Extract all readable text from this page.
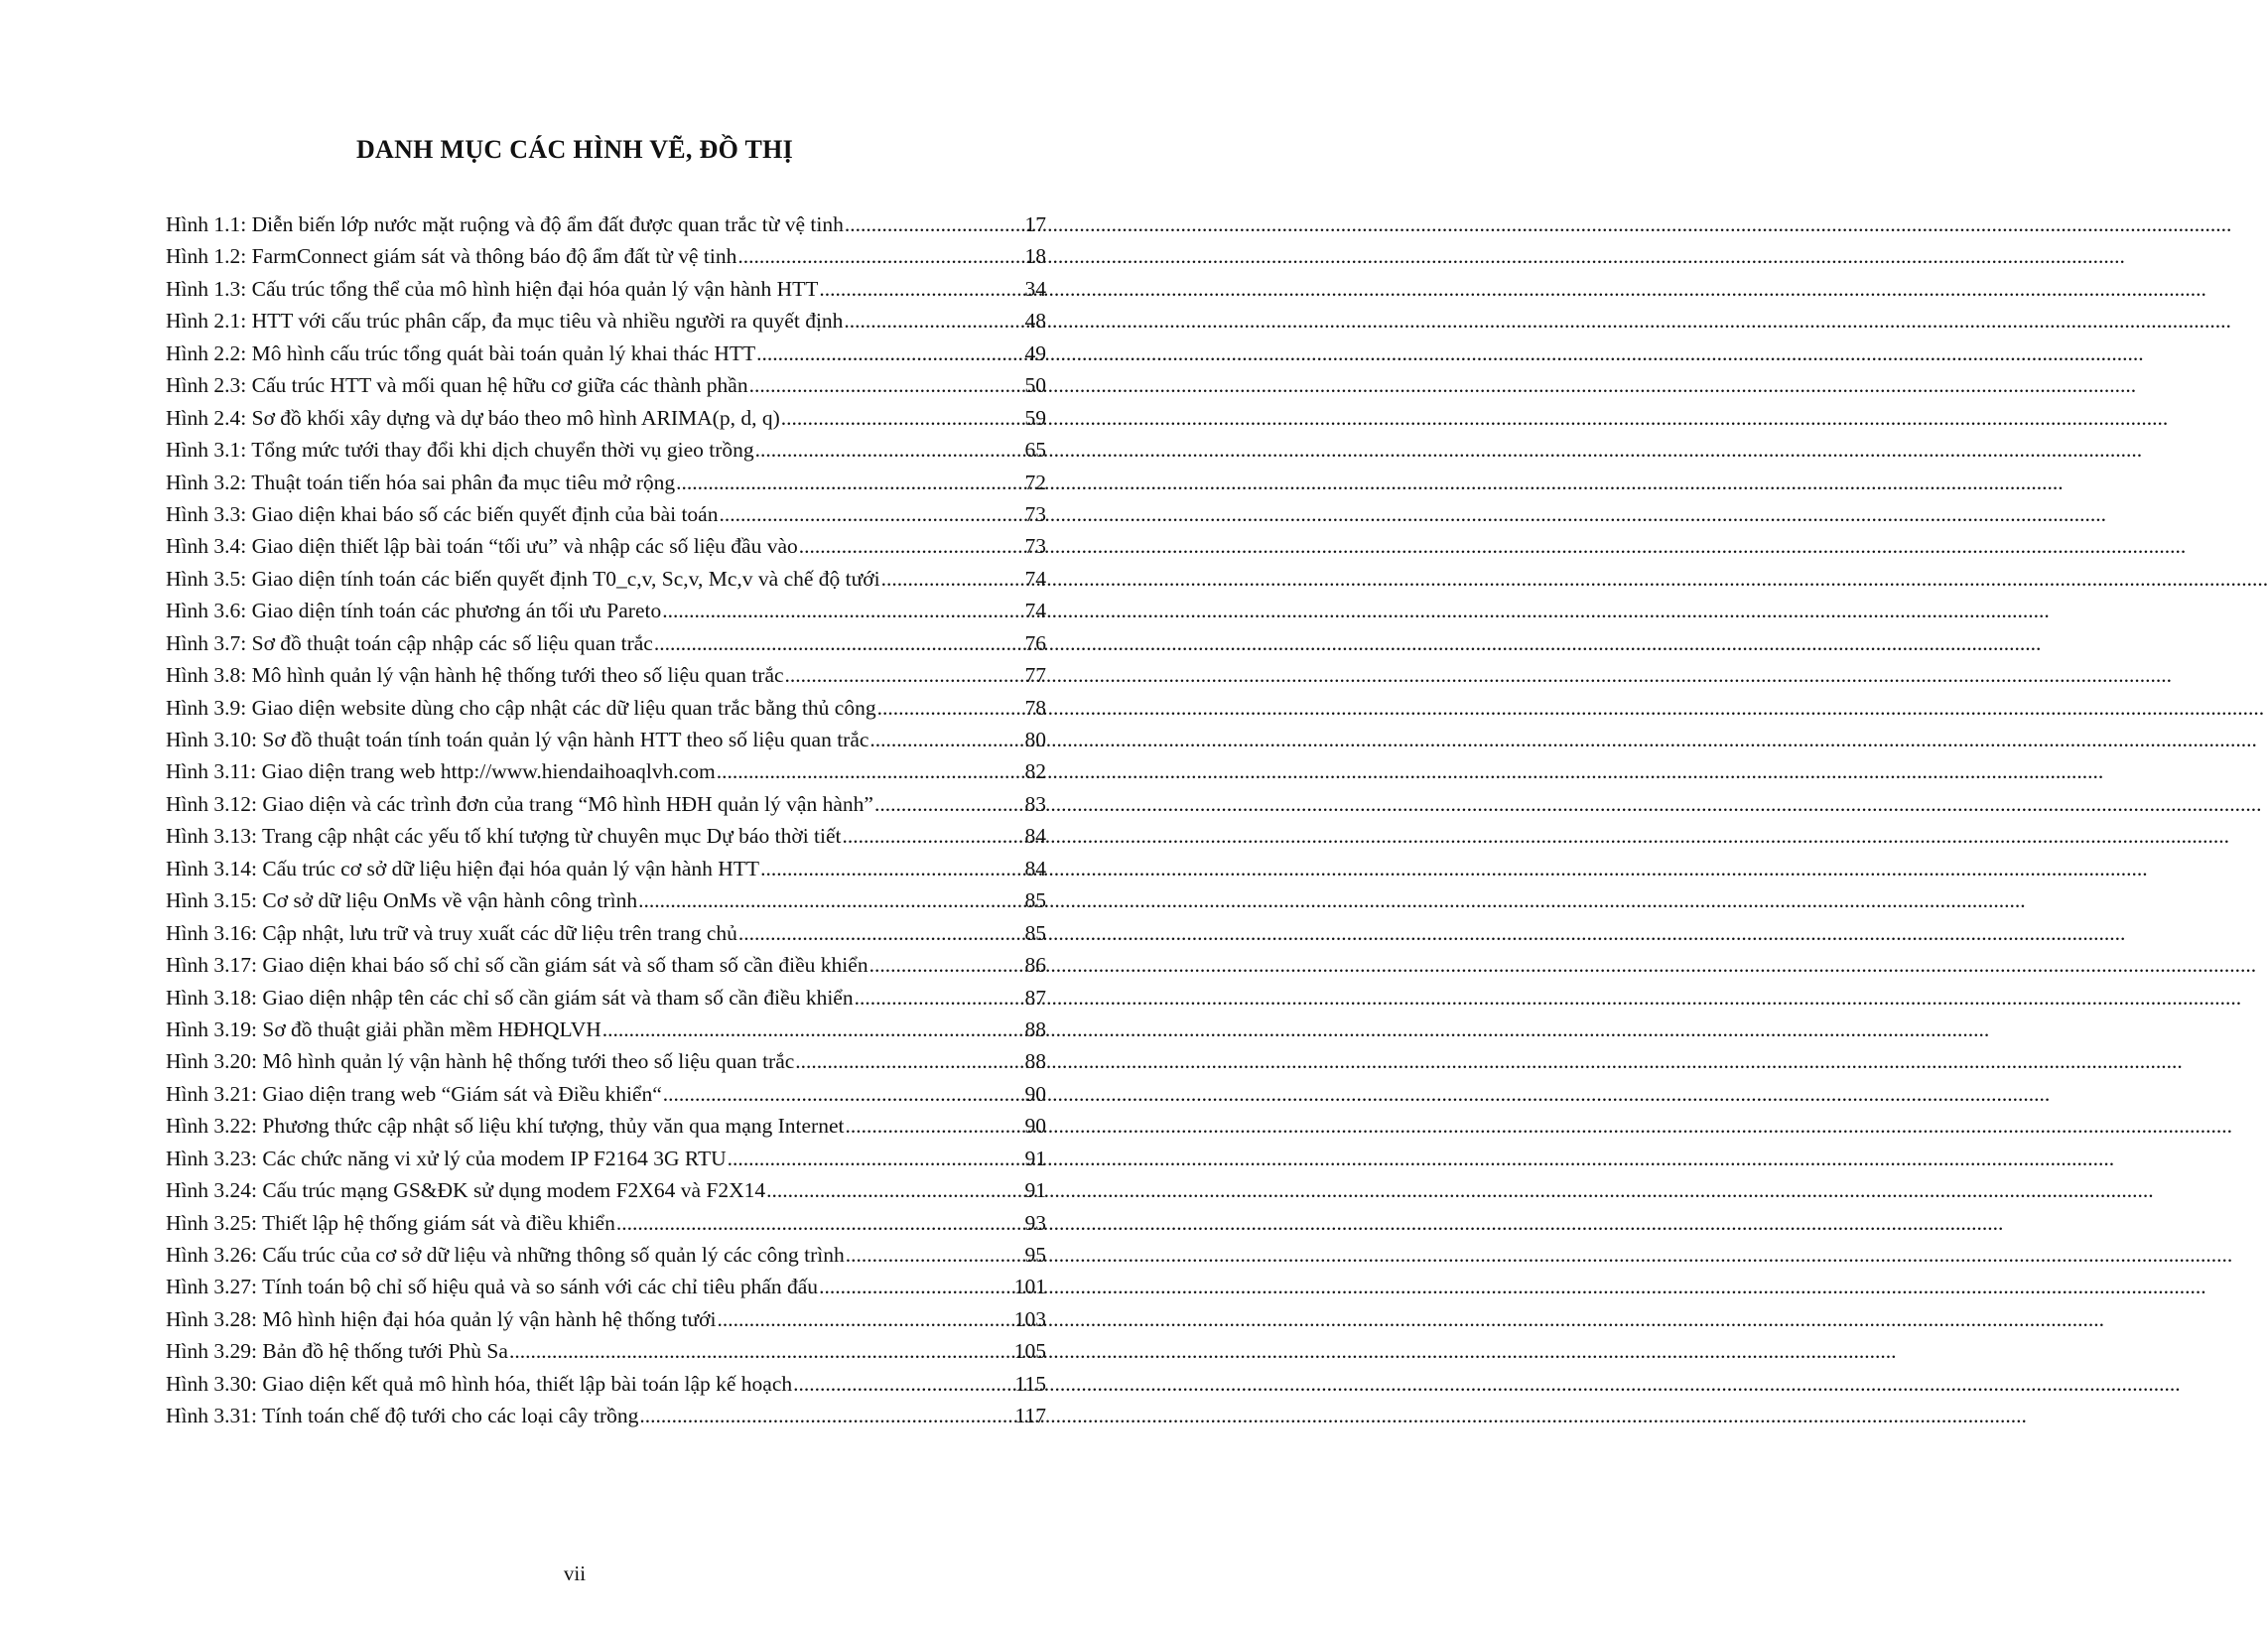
DANH MỤC CÁC HÌNH VẼ, ĐỒ THỊ
Hình 1.1: Diễn biến lớp nước mặt ruộng và độ ẩm đất được quan trắc từ vệ tinh .....	17
Hình 1.2: FarmConnect giám sát và thông báo độ ẩm đất từ vệ tinh .....	18
Hình 1.3: Cấu trúc tổng thể của mô hình hiện đại hóa quản lý vận hành HTT .....	34
Hình 2.1: HTT với cấu trúc phân cấp, đa mục tiêu và nhiều người ra quyết định .....	48
Hình 2.2: Mô hình cấu trúc tổng quát bài toán quản lý khai thác HTT .....	49
Hình 2.3: Cấu trúc HTT và mối quan hệ hữu cơ giữa các thành phần .....	50
Hình 2.4: Sơ đồ khối xây dựng và dự báo theo mô hình ARIMA(p, d, q) .....	59
Hình 3.1: Tổng mức tưới thay đổi khi dịch chuyển thời vụ gieo trồng .....	65
Hình 3.2: Thuật toán tiến hóa sai phân đa mục tiêu mở rộng .....	72
Hình 3.3: Giao diện khai báo số các biến quyết định của bài toán .....	73
Hình 3.4: Giao diện thiết lập bài toán “tối ưu” và nhập các số liệu đầu vào .....	73
Hình 3.5: Giao diện tính toán các biến quyết định T0_c,v, Sc,v, Mc,v và chế độ tưới .....	74
Hình 3.6: Giao diện tính toán các phương án tối ưu Pareto .....	74
Hình 3.7: Sơ đồ thuật toán cập nhập các số liệu quan trắc .....	76
Hình 3.8: Mô hình quản lý vận hành hệ thống tưới theo số liệu quan trắc .....	77
Hình 3.9: Giao diện website dùng cho cập nhật các dữ liệu quan trắc bằng thủ công .....	78
Hình 3.10: Sơ đồ thuật toán tính toán quản lý vận hành HTT theo số liệu quan trắc .....	80
Hình 3.11: Giao diện trang web http://www.hiendaihoaqlvh.com .....	82
Hình 3.12: Giao diện và các trình đơn của trang “Mô hình HĐH quản lý vận hành” .....	83
Hình 3.13: Trang cập nhật các yếu tố khí tượng từ chuyên mục Dự báo thời tiết .....	84
Hình 3.14: Cấu trúc cơ sở dữ liệu hiện đại hóa quản lý vận hành HTT .....	84
Hình 3.15: Cơ sở dữ liệu OnMs về vận hành công trình .....	85
Hình 3.16: Cập nhật, lưu trữ và truy xuất các dữ liệu trên trang chủ .....	85
Hình 3.17: Giao diện khai báo số chỉ số cần giám sát và số tham số cần điều khiển .....	86
Hình 3.18: Giao diện nhập tên các chỉ số cần giám sát và tham số cần điều khiển .....	87
Hình 3.19: Sơ đồ thuật giải phần mềm HĐHQLVH .....	88
Hình 3.20: Mô hình quản lý vận hành hệ thống tưới theo số liệu quan trắc .....	88
Hình 3.21: Giao diện trang web “Giám sát và Điều khiển“ .....	90
Hình 3.22: Phương thức cập nhật số liệu khí tượng, thủy văn qua mạng Internet .....	90
Hình 3.23: Các chức năng vi xử lý của modem IP F2164 3G RTU .....	91
Hình 3.24: Cấu trúc mạng GS&ĐK sử dụng modem F2X64 và F2X14 .....	91
Hình 3.25: Thiết lập hệ thống giám sát và điều khiển .....	93
Hình 3.26: Cấu trúc của cơ sở dữ liệu và những thông số quản lý các công trình .....	95
Hình 3.27: Tính toán bộ chỉ số hiệu quả và so sánh với các chỉ tiêu phấn đấu .....	101
Hình 3.28: Mô hình hiện đại hóa quản lý vận hành hệ thống tưới .....	103
Hình 3.29: Bản đồ hệ thống tưới Phù Sa .....	105
Hình 3.30: Giao diện kết quả mô hình hóa, thiết lập bài toán lập kế hoạch .....	115
Hình 3.31: Tính toán chế độ tưới cho các loại cây trồng .....	117
vii
